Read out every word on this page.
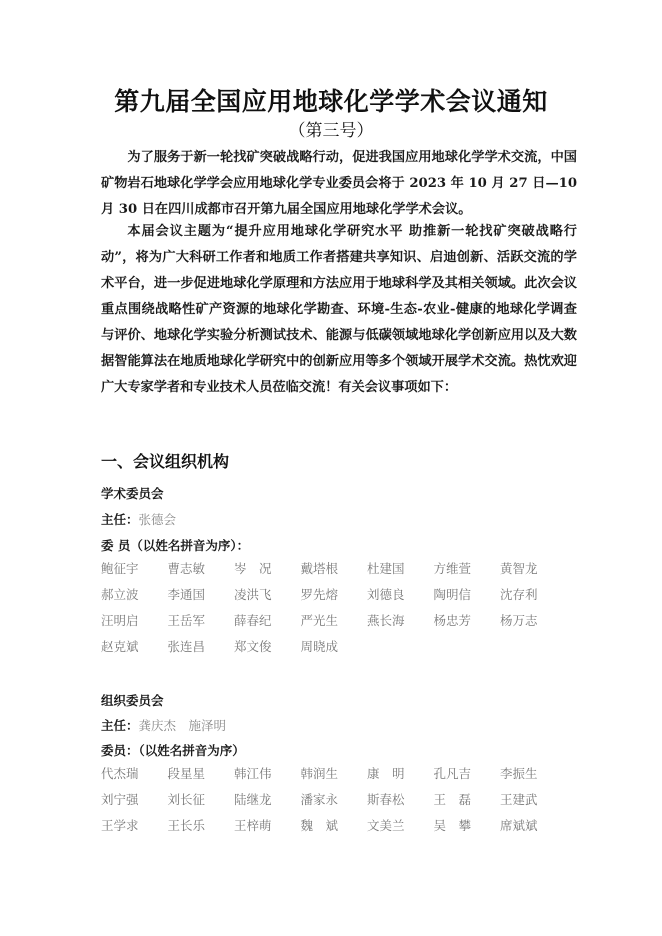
第九届全国应用地球化学学术会议通知
（第三号）

为了服务于新一轮找矿突破战略行动，促进我国应用地球化学学术交流，中国矿物岩石地球化学学会应用地球化学专业委员会将于 2023 年 10 月 27 日—10 月 30 日在四川成都市召开第九届全国应用地球化学学术会议。

本届会议主题为“提升应用地球化学研究水平 助推新一轮找矿突破战略行动”，将为广大科研工作者和地质工作者搭建共享知识、启迪创新、活跃交流的学术平台，进一步促进地球化学原理和方法应用于地球科学及其相关领域。此次会议重点围绕战略性矿产资源的地球化学勘查、环境-生态-农业-健康的地球化学调查与评价、地球化学实验分析测试技术、能源与低碳领域地球化学创新应用以及大数据智能算法在地质地球化学研究中的创新应用等多个领域开展学术交流。热忱欢迎广大专家学者和专业技术人员莅临交流！有关会议事项如下：

一、会议组织机构
学术委员会
主任：张德会
委 员（以姓名拼音为序）：
鲍征宇	曹志敏	岑　况	戴塔根	杜建国	方维萱	黄智龙
郝立波	李通国	凌洪飞	罗先熔	刘德良	陶明信	沈存利
汪明启	王岳军	薛春纪	严光生	燕长海	杨忠芳	杨万志
赵克斌	张连昌	郑文俊	周晓成
组织委员会
主任：龚庆杰　施泽明
委员：（以姓名拼音为序）
代杰瑞	段星星	韩江伟	韩润生	康　明	孔凡吉	李振生
刘宁强	刘长征	陆继龙	潘家永	斯春松	王　磊	王建武
王学求	王长乐	王梓萌	魏　斌	文美兰	吴　攀	席斌斌
